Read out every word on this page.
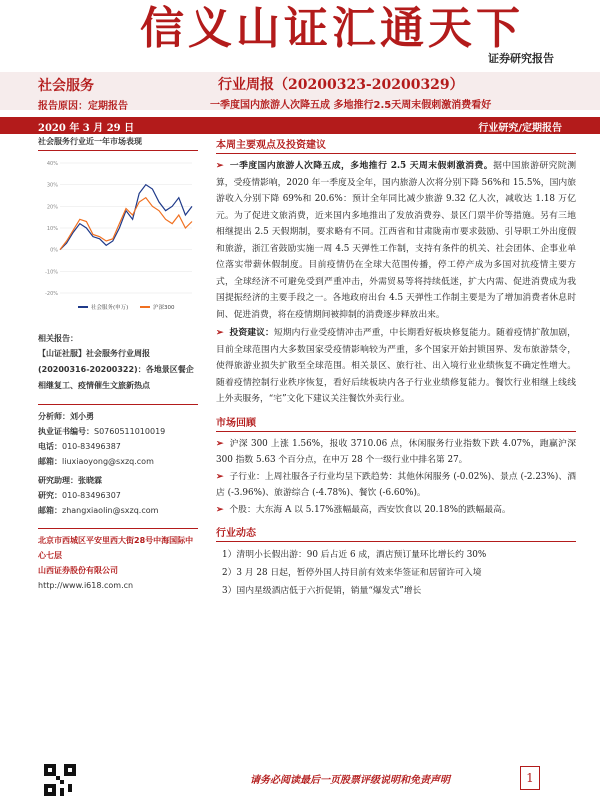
信义山证汇通天下
证券研究报告
社会服务
报告原因：定期报告
行业周报（20200323-20200329）
一季度国内旅游人次降五成 多地推行2.5天周末假刺激消费看好
2020 年 3 月 29 日	行业研究/定期报告
社会服务行业近一年市场表现
-20%
-10%
0%
10%
20%
30%
40%
社会服务(申万)	沪深300
相关报告：
【山证社服】社会服务行业周报(20200316-20200322)：各地景区餐企相继复工、疫情催生文旅新热点
分析师：刘小勇
执业证书编号：S0760511010019
电话：010-83496387
邮箱：liuxiaoyong@sxzq.com
研究助理：张晓霖
研究：010-83496307
邮箱：zhangxiaolin@sxzq.com
北京市西城区平安里西大街28号中海国际中心七层
山西证券股份有限公司
http://www.i618.com.cn
本周主要观点及投资建议
➢ 一季度国内旅游人次降五成，多地推行 2.5 天周末假刺激消费。据中国旅游研究院测算，受疫情影响，2020 年一季度及全年，国内旅游人次将分别下降 56%和 15.5%，国内旅游收入分别下降 69%和 20.6%：预计全年同比减少旅游 9.32 亿人次，减收达 1.18 万亿元。为了促进文旅消费，近来国内多地推出了发放消费券、景区门票半价等措施。另有三地相继提出 2.5 天假期制，要求略有不同。江西省和甘肃陇南市要求鼓励、引导职工外出度假和旅游，浙江省鼓励实施一周 4.5 天弹性工作制，支持有条件的机关、社会团体、企事业单位落实带薪休假制度。目前疫情仍在全球大范围传播，停工停产成为多国对抗疫情主要方式，全球经济不可避免受到严重冲击，外需贸易等将持续低迷，扩大内需、促进消费成为我国提振经济的主要手段之一。各地政府出台 4.5 天弹性工作制主要是为了增加消费者休息时间、促进消费，将在疫情期间被抑制的消费逐步释放出来。
➢ 投资建议：短期内行业受疫情冲击严重，中长期看好板块修复能力。随着疫情扩散加剧，目前全球范围内大多数国家受疫情影响较为严重，多个国家开始封锁国界、发布旅游禁令，使得旅游业损失扩散至全球范围。相关景区、旅行社、出入境行业业绩恢复不确定性增大。随着疫情控制行业秩序恢复，看好后续板块内各子行业业绩修复能力。餐饮行业相继上线线上外卖服务，“宅”文化下建议关注餐饮外卖行业。
市场回顾
➢ 沪深 300 上涨 1.56%，报收 3710.06 点，休闲服务行业指数下跌 4.07%，跑赢沪深 300 指数 5.63 个百分点，在申万 28 个一级行业中排名第 27。
➢ 子行业：上周社服各子行业均呈下跌趋势：其他休闲服务 (-0.02%)、景点 (-2.23%)、酒店 (-3.96%)、旅游综合 (-4.78%)、餐饮 (-6.60%)。
➢ 个股：大东海 A 以 5.17%涨幅最高，西安饮食以 20.18%的跌幅最高。
行业动态
1）清明小长假出游：90 后占近 6 成，酒店预订量环比增长约 30%
2）3 月 28 日起，暂停外国人持目前有效来华签证和居留许可入境
3）国内星级酒店低于六折促销，销量“爆发式”增长
请务必阅读最后一页股票评级说明和免责声明	1
